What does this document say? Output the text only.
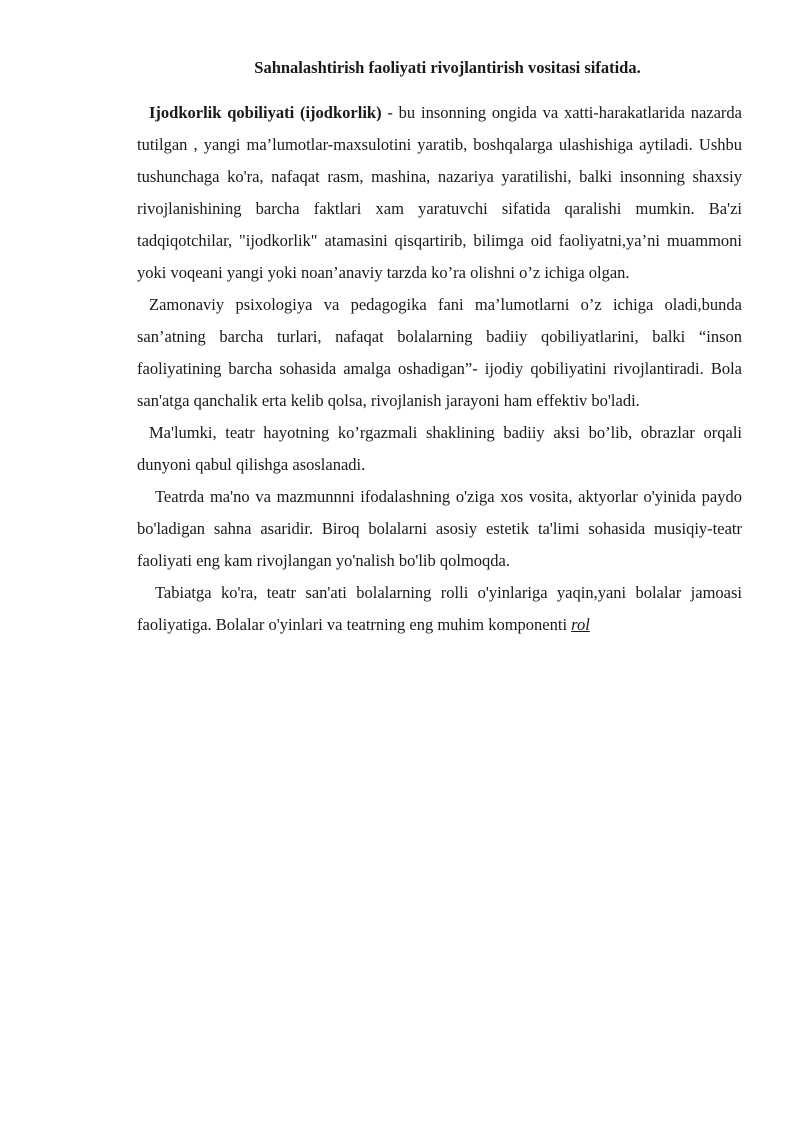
Sahnalashtirish faoliyati rivojlantirish vositasi sifatida.

Ijodkorlik qobiliyati (ijodkorlik) - bu insonning ongida va xatti-harakatlarida nazarda tutilgan , yangi ma’lumotlar-maxsulotini yaratib, boshqalarga ulashishiga aytiladi. Ushbu tushunchaga ko'ra, nafaqat rasm, mashina, nazariya yaratilishi, balki insonning shaxsiy rivojlanishining barcha faktlari xam yaratuvchi sifatida qaralishi mumkin. Ba'zi tadqiqotchilar, "ijodkorlik" atamasini qisqartirib, bilimga oid faoliyatni,ya’ni muammoni yoki voqeani yangi yoki noan’anaviy tarzda ko’ra olishni o’z ichiga olgan.

Zamonaviy psixologiya va pedagogika fani ma’lumotlarni o’z ichiga oladi,bunda san’atning barcha turlari, nafaqat bolalarning badiiy qobiliyatlarini, balki “inson faoliyatining barcha sohasida amalga oshadigan”- ijodiy qobiliyatini rivojlantiradi. Bola san'atga qanchalik erta kelib qolsa, rivojlanish jarayoni ham effektiv bo'ladi.

Ma'lumki, teatr hayotning ko’rgazmali shaklining badiiy aksi bo’lib, obrazlar orqali dunyoni qabul qilishga asoslanadi.

Teatrda ma'no va mazmunnni ifodalashning o'ziga xos vosita, aktyorlar o'yinida paydo bo'ladigan sahna asaridir. Biroq bolalarni asosiy estetik ta'limi sohasida musiqiy-teatr faoliyati eng kam rivojlangan yo'nalish bo'lib qolmoqda.

Tabiatga ko'ra, teatr san'ati bolalarning rolli o'yinlariga yaqin,yani bolalar jamoasi faoliyatiga. Bolalar o'yinlari va teatrning eng muhim komponenti rol
